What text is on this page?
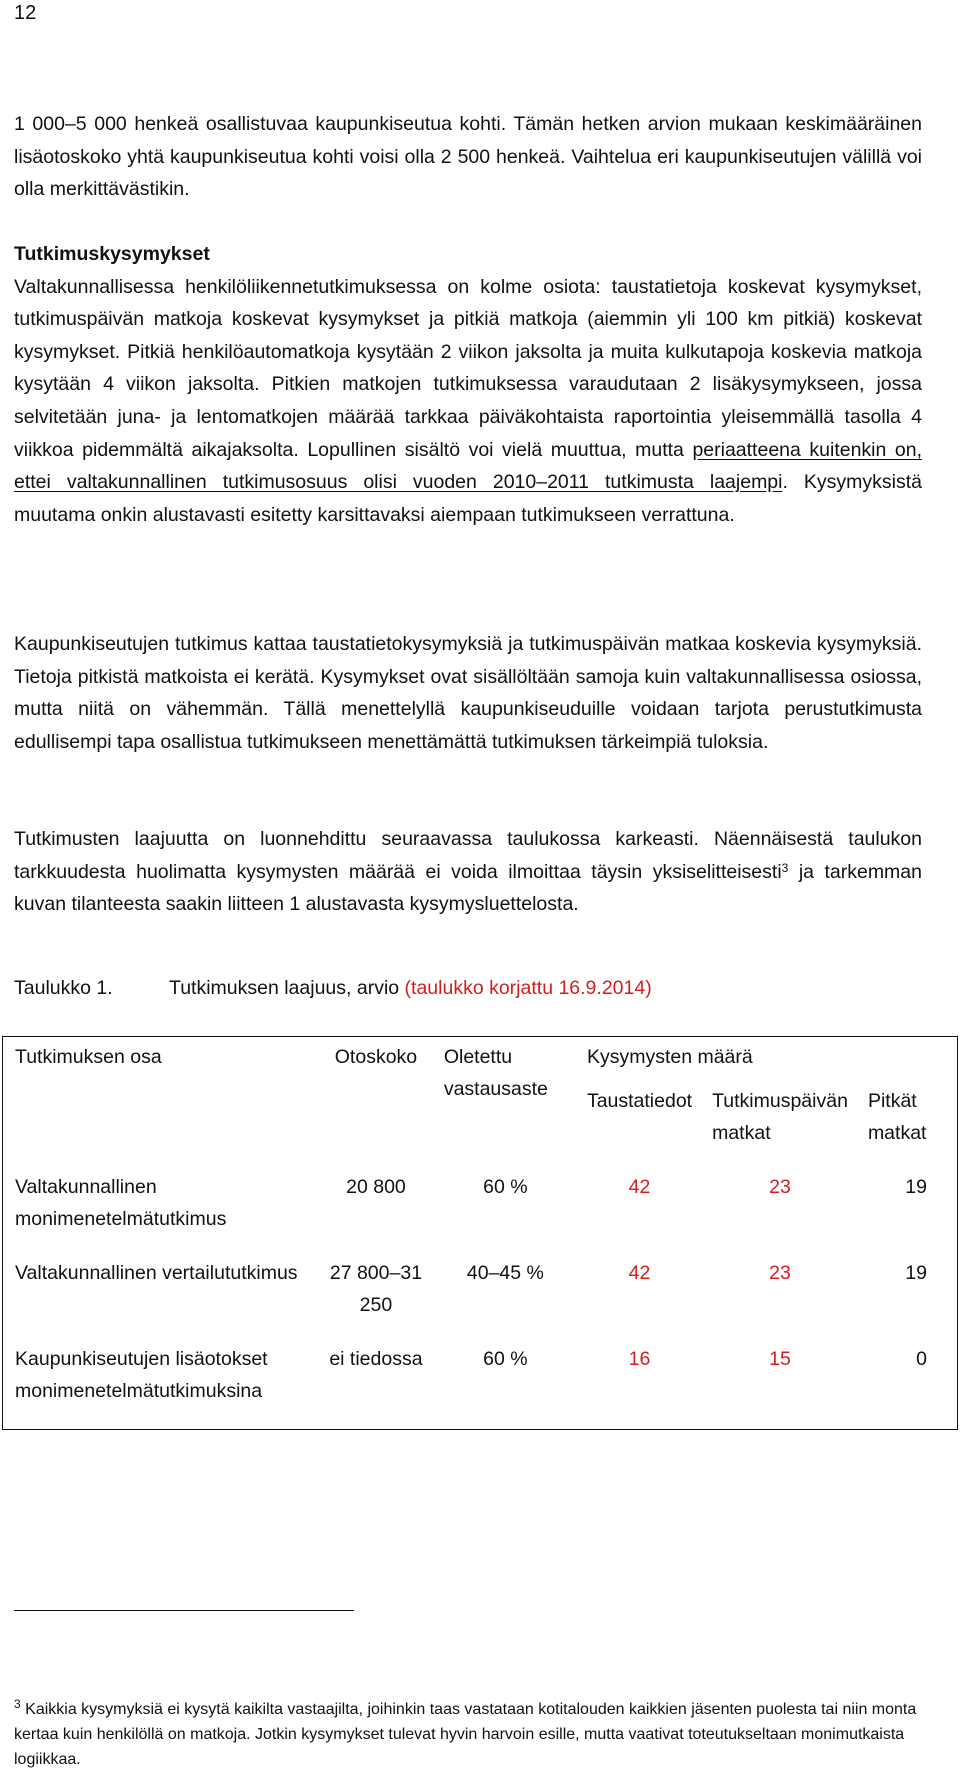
12

1 000–5 000 henkeä osallistuvaa kaupunkiseutua kohti. Tämän hetken arvion mukaan keskimääräinen lisäotoskoko yhtä kaupunkiseutua kohti voisi olla 2 500 henkeä. Vaihtelua eri kaupunkiseutujen välillä voi olla merkittävästikin.

Tutkimuskysymykset

Valtakunnallisessa henkilöliikennetutkimuksessa on kolme osiota: taustatietoja koskevat kysymykset, tutkimuspäivän matkoja koskevat kysymykset ja pitkiä matkoja (aiemmin yli 100 km pitkiä) koskevat kysymykset. Pitkiä henkilöautomatkoja kysytään 2 viikon jaksolta ja muita kulkutapoja koskevia matkoja kysytään 4 viikon jaksolta. Pitkien matkojen tutkimuksessa varaudutaan 2 lisäkysymykseen, jossa selvitetään juna- ja lentomatkojen määrää tarkkaa päiväkohtaista raportointia yleisemmällä tasolla 4 viikkoa pidemmältä aikajaksolta. Lopullinen sisältö voi vielä muuttua, mutta periaatteena kuitenkin on, ettei valtakunnallinen tutkimusosuus olisi vuoden 2010–2011 tutkimusta laajempi. Kysymyksistä muutama onkin alustavasti esitetty karsittavaksi aiempaan tutkimukseen verrattuna.

Kaupunkiseutujen tutkimus kattaa taustatietokysymyksiä ja tutkimuspäivän matkaa koskevia kysymyksiä. Tietoja pitkistä matkoista ei kerätä. Kysymykset ovat sisällöltään samoja kuin valtakunnallisessa osiossa, mutta niitä on vähemmän. Tällä menettelyllä kaupunkiseuduille voidaan tarjota perustutkimusta edullisempi tapa osallistua tutkimukseen menettämättä tutkimuksen tärkeimpiä tuloksia.

Tutkimusten laajuutta on luonnehdittu seuraavassa taulukossa karkeasti. Näennäisestä taulukon tarkkuudesta huolimatta kysymysten määrää ei voida ilmoittaa täysin yksiselitteisesti$^3$ ja tarkemman kuvan tilanteesta saakin liitteen 1 alustavasta kysymysluettelosta.

Taulukko 1.	Tutkimuksen laajuus, arvio (taulukko korjattu 16.9.2014)
Tutkimuksen osa	Otoskoko	Oletettu vastausaste	Kysymysten määrä		
			Taustatiedot	Tutkimuspäivän matkat	Pitkät matkat
Valtakunnallinen monimenetelmätutkimus	20 800	60 %	42	23	19
Valtakunnallinen vertailututkimus	27 800–31 250	40–45 %	42	23	19
Kaupunkiseutujen lisäotokset monimenetelmätutkimuksina	ei tiedossa	60 %	16	15	0
$^3$ Kaikkia kysymyksiä ei kysytä kaikilta vastaajilta, joihinkin taas vastataan kotitalouden kaikkien jäsenten puolesta tai niin monta kertaa kuin henkilöllä on matkoja. Jotkin kysymykset tulevat hyvin harvoin esille, mutta vaativat toteutukseltaan monimutkaista logiikkaa.
